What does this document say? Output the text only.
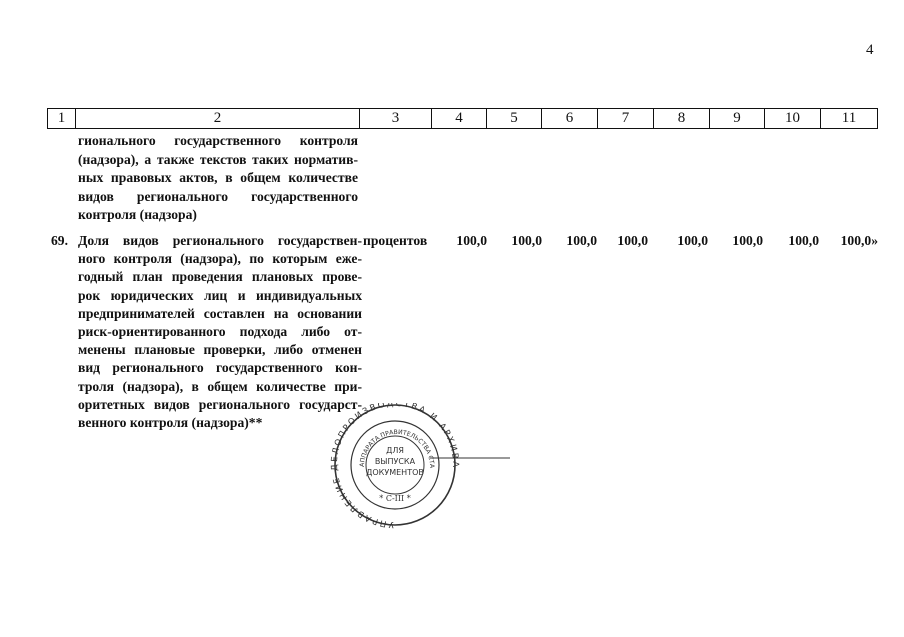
4
1	2	3	4	5	6	7	8	9	10	11
гионального государственного контроля
(надзора), а также текстов таких норматив-
ных правовых актов, в общем количестве
видов регионального государственного
контроля (надзора)
69. Доля видов регионального государствен-
ного контроля (надзора), по которым еже-
годный план проведения плановых прове-
рок юридических лиц и индивидуальных
предпринимателей составлен на основании
риск-ориентированного подхода либо от-
менены плановые проверки, либо отменен
вид регионального государственного кон-
троля (надзора), в общем количестве при-
оритетных видов регионального государст-
венного контроля (надзора)**
процентов	100,0	100,0	100,0	100,0	100,0	100,0	100,0	100,0»
УПРАВЛЕНИЕ ДЕЛОПРОИЗВОДСТВА И АРХИВА
АППАРАТА ПРАВИТЕЛЬСТВА СТА
ДЛЯ
ВЫПУСКА
ДОКУМЕНТОВ
* С-III *
